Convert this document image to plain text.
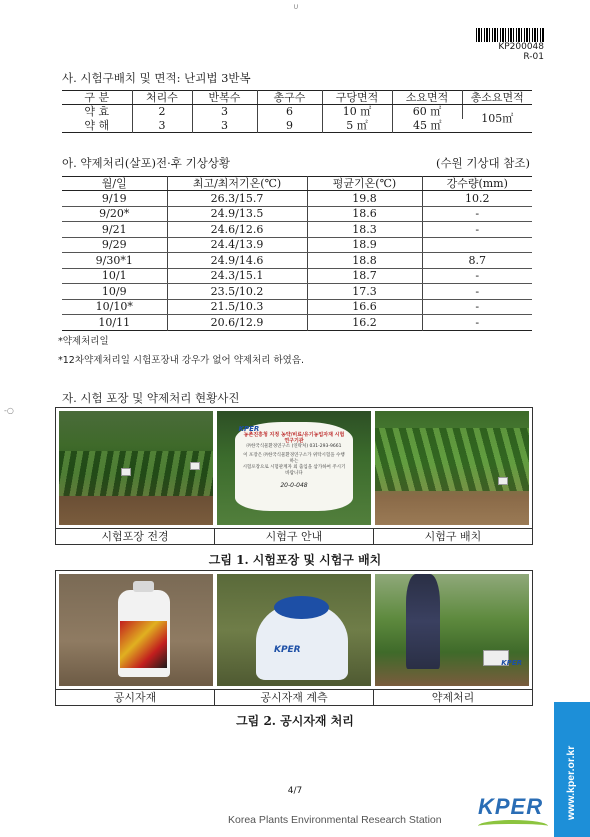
∪
-○
KP200048
R-01
사. 시험구배치 및 면적: 난괴법 3반복
구 분	처리수	반복수	총구수	구당면적	소요면적	총소요면적
약 효	2	3	6	10 ㎡	60 ㎡	105㎡
약 해	3	3	9	5 ㎡	45 ㎡	
아. 약제처리(살포)전·후 기상상황	(수원 기상대 참조)
월/일	최고/최저기온(℃)	평균기온(℃)	강수량(mm)
9/19	26.3/15.7	19.8	10.2
9/20*	24.9/13.5	18.6	-
9/21	24.6/12.6	18.3	-
9/29	24.4/13.9	18.9	
9/30*1	24.9/14.6	18.8	8.7
10/1	24.3/15.1	18.7	-
10/9	23.5/10.2	17.3	-
10/10*	21.5/10.3	16.6	-
10/11	20.6/12.9	16.2	-
*약제처리일
*12차약제처리일 시험포장내 강우가 없어 약제처리 하였음.
자. 시험 포장 및 약제처리 현황사진
농촌진흥청 지정 농약/비료/유기농업자재 시험연구기관
㈜한국식물환경연구소 (연락처) 031-293-9661
이 포장은 ㈜한국식물환경연구소가 위탁시험을 수행하는
시험포장으로 시험관계자 외 출입을 삼가하여 주시기 바랍니다
20-0-048
KPER
시험포장 전경	시험구 안내	시험구 배치
그림 1. 시험포장 및 시험구 배치
KPER
KPER
공시자재	공시자재 계측	약제처리
그림 2. 공시자재 처리
4/7
Korea Plants Environmental Research Station
KPER www.kper.or.kr
